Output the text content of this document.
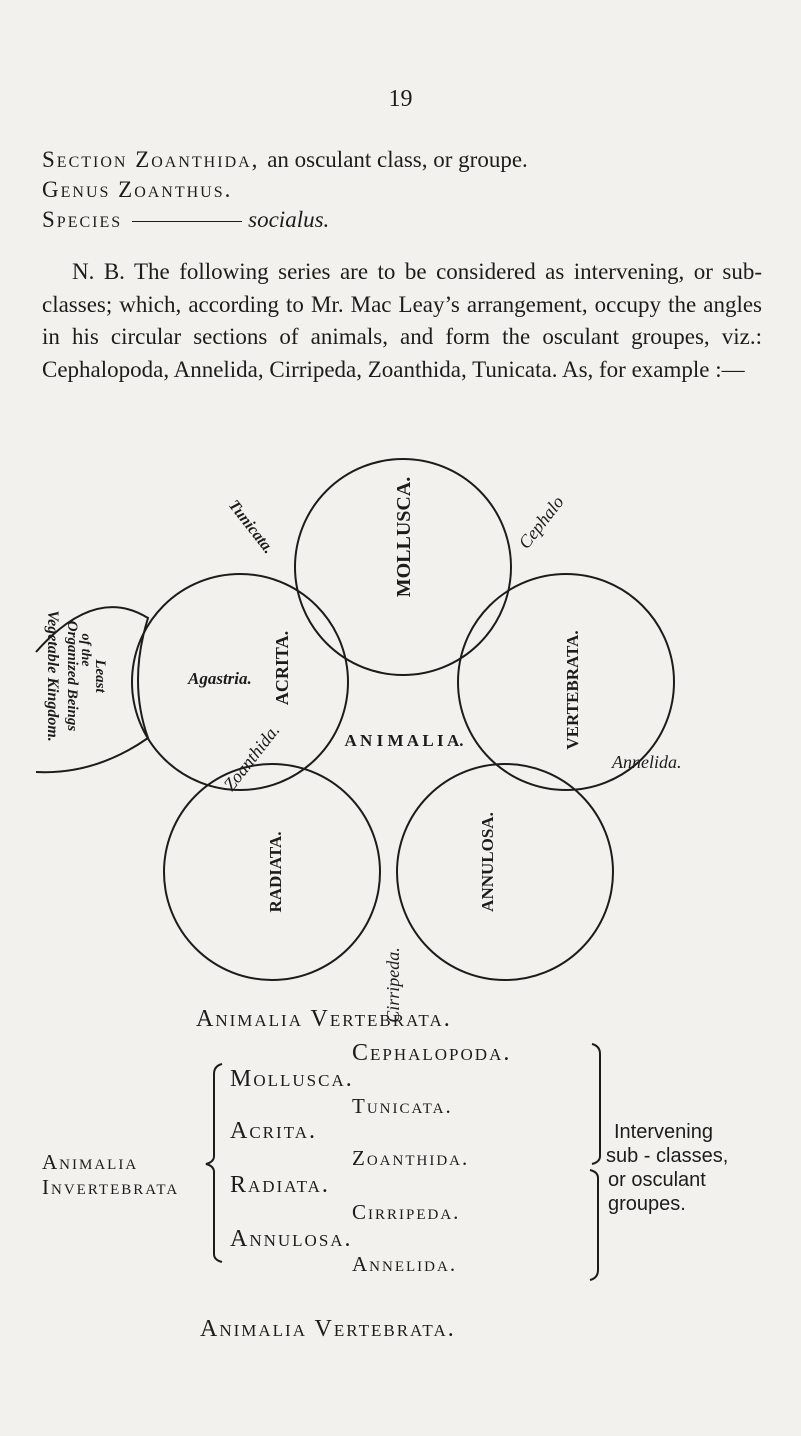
19
Section Zoanthida, an osculant class, or groupe.
Genus Zoanthus.
Species	socialus.
N. B. The following series are to be considered as intervening, or sub-classes; which, according to Mr. Mac Leay’s arrangement, occupy the angles in his circular sections of animals, and form the osculant groupes, viz.: Cephalopoda, Annelida, Cirripeda, Zoanthida, Tunicata. As, for example :—
Vegetable Kingdom. Organized Beings
of the
Least	Agastria. ACRITA.
Tunicata.	MOLLUSCA.	Cephalo
VERTEBRATA.
A N I M A L I A.
Zoanthida.
RADIATA.	ANNULOSA.
Cirripeda.
Annelida.
Animalia Vertebrata.
Animalia
Invertebrata
Mollusca.
Acrita.
Radiata.
Annulosa.
Cephalopoda.
Tunicata.
Zoanthida.
Cirripeda.
Annelida.
Intervening
sub - classes,
or osculant
groupes.
Animalia Vertebrata.
